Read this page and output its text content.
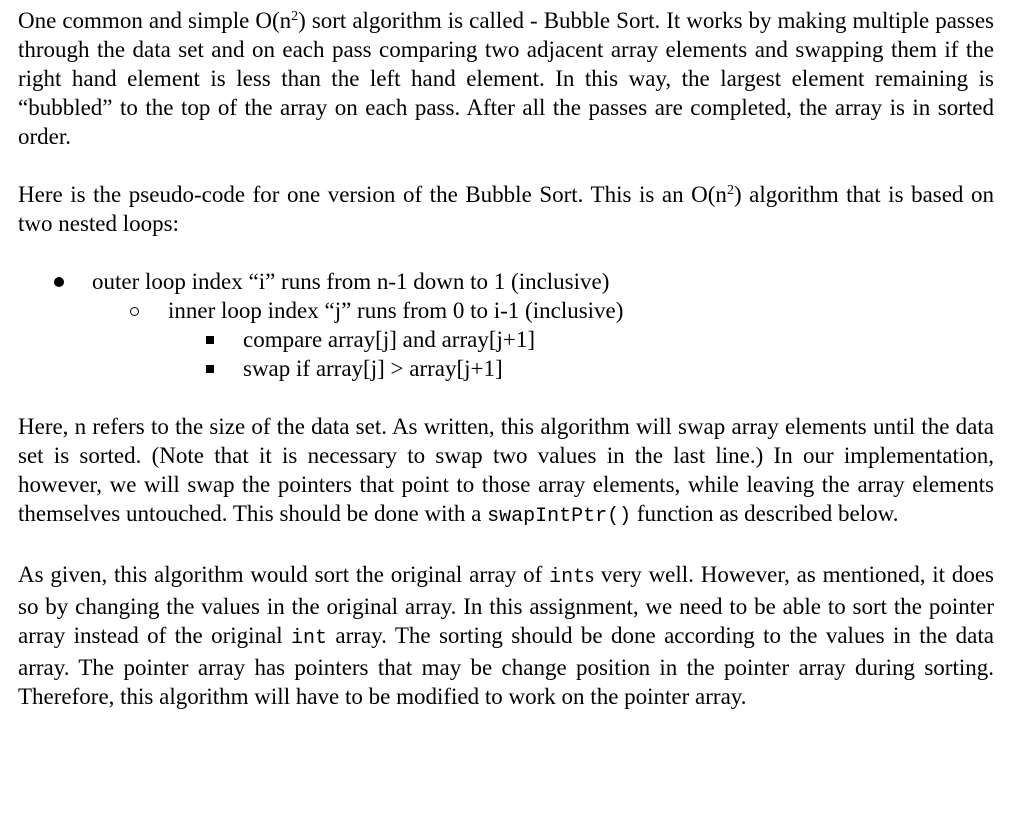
One common and simple $O(n^2)$ sort algorithm is called - Bubble Sort. It works by making multiple passes through the data set and on each pass comparing two adjacent array elements and swapping them if the right hand element is less than the left hand element. In this way, the largest element remaining is “bubbled” to the top of the array on each pass. After all the passes are completed, the array is in sorted order.

Here is the pseudo-code for one version of the Bubble Sort. This is an $O(n^2)$ algorithm that is based on two nested loops:

outer loop index “i” runs from n-1 down to 1 (inclusive)
inner loop index “j” runs from 0 to i-1 (inclusive)
compare array[j] and array[j+1]
swap if array[j] > array[j+1]

Here, n refers to the size of the data set. As written, this algorithm will swap array elements until the data set is sorted. (Note that it is necessary to swap two values in the last line.) In our implementation, however, we will swap the pointers that point to those array elements, while leaving the array elements themselves untouched. This should be done with a swapIntPtr() function as described below.

As given, this algorithm would sort the original array of ints very well. However, as mentioned, it does so by changing the values in the original array. In this assignment, we need to be able to sort the pointer array instead of the original int array. The sorting should be done according to the values in the data array. The pointer array has pointers that may be change position in the pointer array during sorting. Therefore, this algorithm will have to be modified to work on the pointer array.
